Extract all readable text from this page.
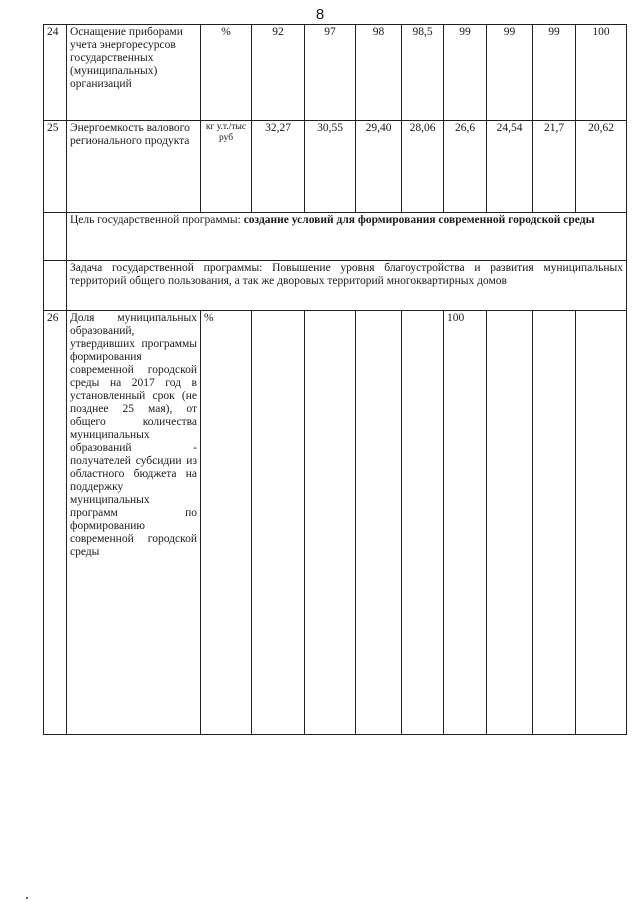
8
24	Оснащение приборами учета энергоресурсов государственных (муниципальных) организаций	%	92	97	98	98,5	99	99	99	100
25	Энергоемкость валового регионального продукта	кг у.т./тыс руб	32,27	30,55	29,40	28,06	26,6	24,54	21,7	20,62
	Цель государственной программы: создание условий для формирования современной городской среды									
	Задача государственной программы: Повышение уровня благоустройства и развития муниципальных территорий общего пользования, а так же дворовых территорий многоквартирных домов									
26	Доля муниципальных образований, утвердивших программы формирования современной городской среды на 2017 год в установленный срок (не позднее 25 мая), от общего количества муниципальных образований - получателей субсидии из областного бюджета на поддержку муниципальных программ по формированию современной городской среды	%					100			
